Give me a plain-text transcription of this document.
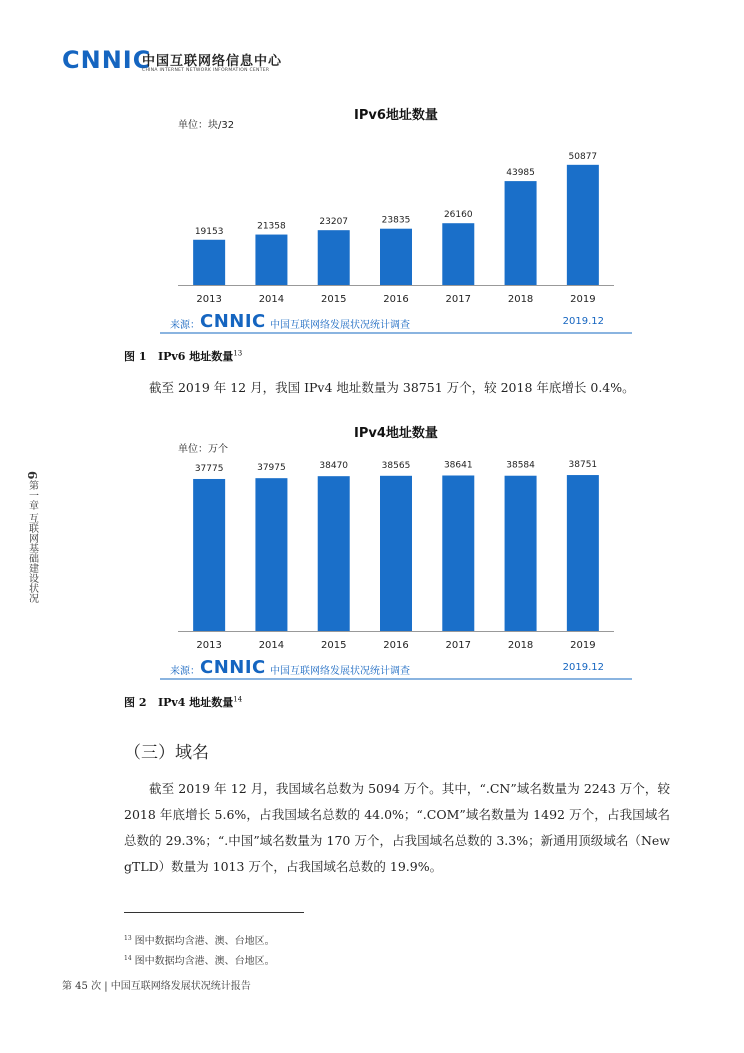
CNNIC
中国互联网络信息中心
CHINA INTERNET NETWORK INFORMATION CENTER
6
第一章 互联网基础建设状况
IPv6地址数量
单位：块/32
19153
2013
21358
2014
23207
2015
23835
2016
26160
2017
43985
2018
50877
2019
来源： CNNIC 中国互联网络发展状况统计调查	2019.12
图 1 IPv6 地址数量$^{13}$

截至 2019 年 12 月，我国 IPv4 地址数量为 38751 万个，较 2018 年底增长 0.4%。

IPv4地址数量
单位：万个
37775
2013
37975
2014
38470
2015
38565
2016
38641
2017
38584
2018
38751
2019
来源： CNNIC 中国互联网络发展状况统计调查	2019.12
图 2 IPv4 地址数量$^{14}$
（三）域名

截至 2019 年 12 月，我国域名总数为 5094 万个。其中，“.CN”域名数量为 2243 万个，较 2018 年底增长 5.6%，占我国域名总数的 44.0%；“.COM”域名数量为 1492 万个，占我国域名总数的 29.3%；“.中国”域名数量为 170 万个，占我国域名总数的 3.3%；新通用顶级域名（New gTLD）数量为 1013 万个，占我国域名总数的 19.9%。

$^{13}$ 图中数据均含港、澳、台地区。
$^{14}$ 图中数据均含港、澳、台地区。
第 45 次 | 中国互联网络发展状况统计报告
